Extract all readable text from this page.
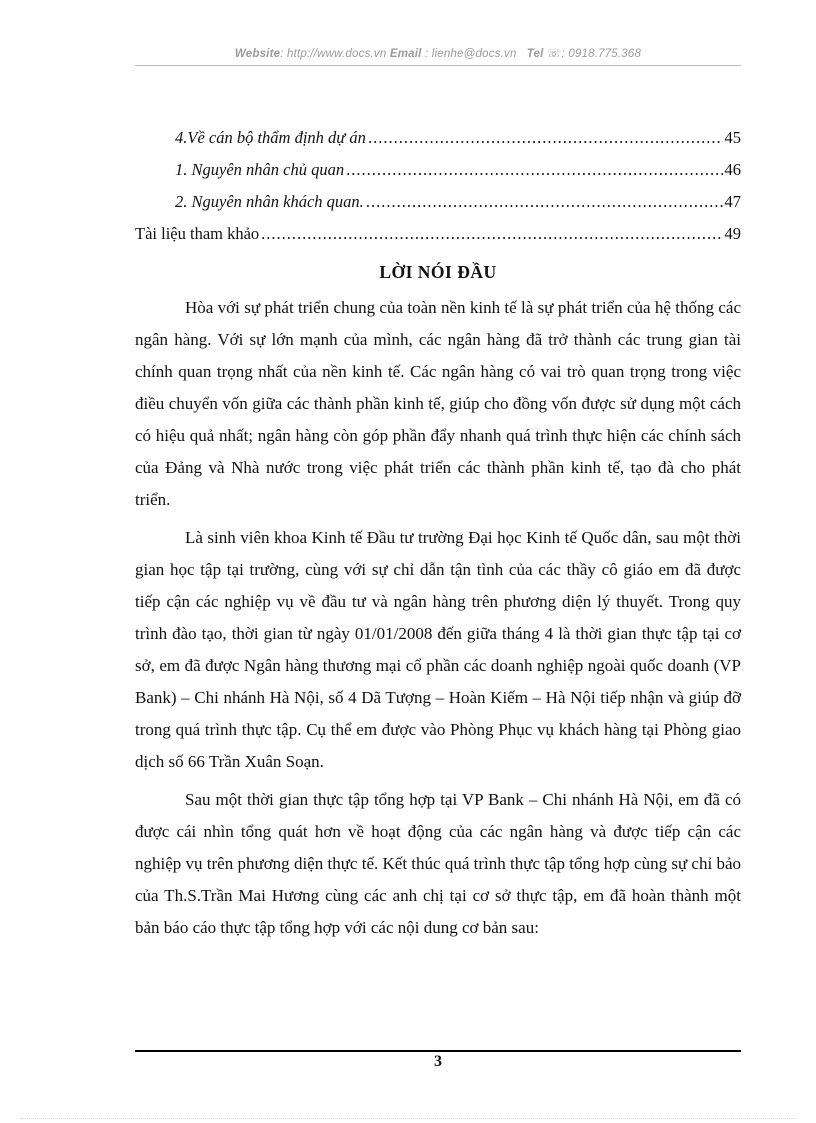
Website: http://www.docs.vn Email : lienhe@docs.vn Tel ☏: 0918.775.368
4.Về cán bộ thẩm định dự án .....	45
1. Nguyên nhân chủ quan .....	46
2. Nguyên nhân khách quan. .....	47
Tài liệu tham khảo .....	49
LỜI NÓI ĐẦU

Hòa với sự phát triển chung của toàn nền kinh tế là sự phát triển của hệ thống các ngân hàng. Với sự lớn mạnh của mình, các ngân hàng đã trở thành các trung gian tài chính quan trọng nhất của nền kinh tế. Các ngân hàng có vai trò quan trọng trong việc điều chuyển vốn giữa các thành phần kinh tế, giúp cho đồng vốn được sử dụng một cách có hiệu quả nhất; ngân hàng còn góp phần đẩy nhanh quá trình thực hiện các chính sách của Đảng và Nhà nước trong việc phát triển các thành phần kinh tế, tạo đà cho phát triển.

Là sinh viên khoa Kinh tế Đầu tư trường Đại học Kinh tế Quốc dân, sau một thời gian học tập tại trường, cùng với sự chỉ dẫn tận tình của các thầy cô giáo em đã được tiếp cận các nghiệp vụ về đầu tư và ngân hàng trên phương diện lý thuyết. Trong quy trình đào tạo, thời gian từ ngày 01/01/2008 đến giữa tháng 4 là thời gian thực tập tại cơ sở, em đã được Ngân hàng thương mại cổ phần các doanh nghiệp ngoài quốc doanh (VP Bank) – Chi nhánh Hà Nội, số 4 Dã Tượng – Hoàn Kiếm – Hà Nội tiếp nhận và giúp đỡ trong quá trình thực tập. Cụ thể em được vào Phòng Phục vụ khách hàng tại Phòng giao dịch số 66 Trần Xuân Soạn.

Sau một thời gian thực tập tổng hợp tại VP Bank – Chi nhánh Hà Nội, em đã có được cái nhìn tổng quát hơn về hoạt động của các ngân hàng và được tiếp cận các nghiệp vụ trên phương diện thực tế. Kết thúc quá trình thực tập tổng hợp cùng sự chỉ bảo của Th.S.Trần Mai Hương cùng các anh chị tại cơ sở thực tập, em đã hoàn thành một bản báo cáo thực tập tổng hợp với các nội dung cơ bản sau:

3
